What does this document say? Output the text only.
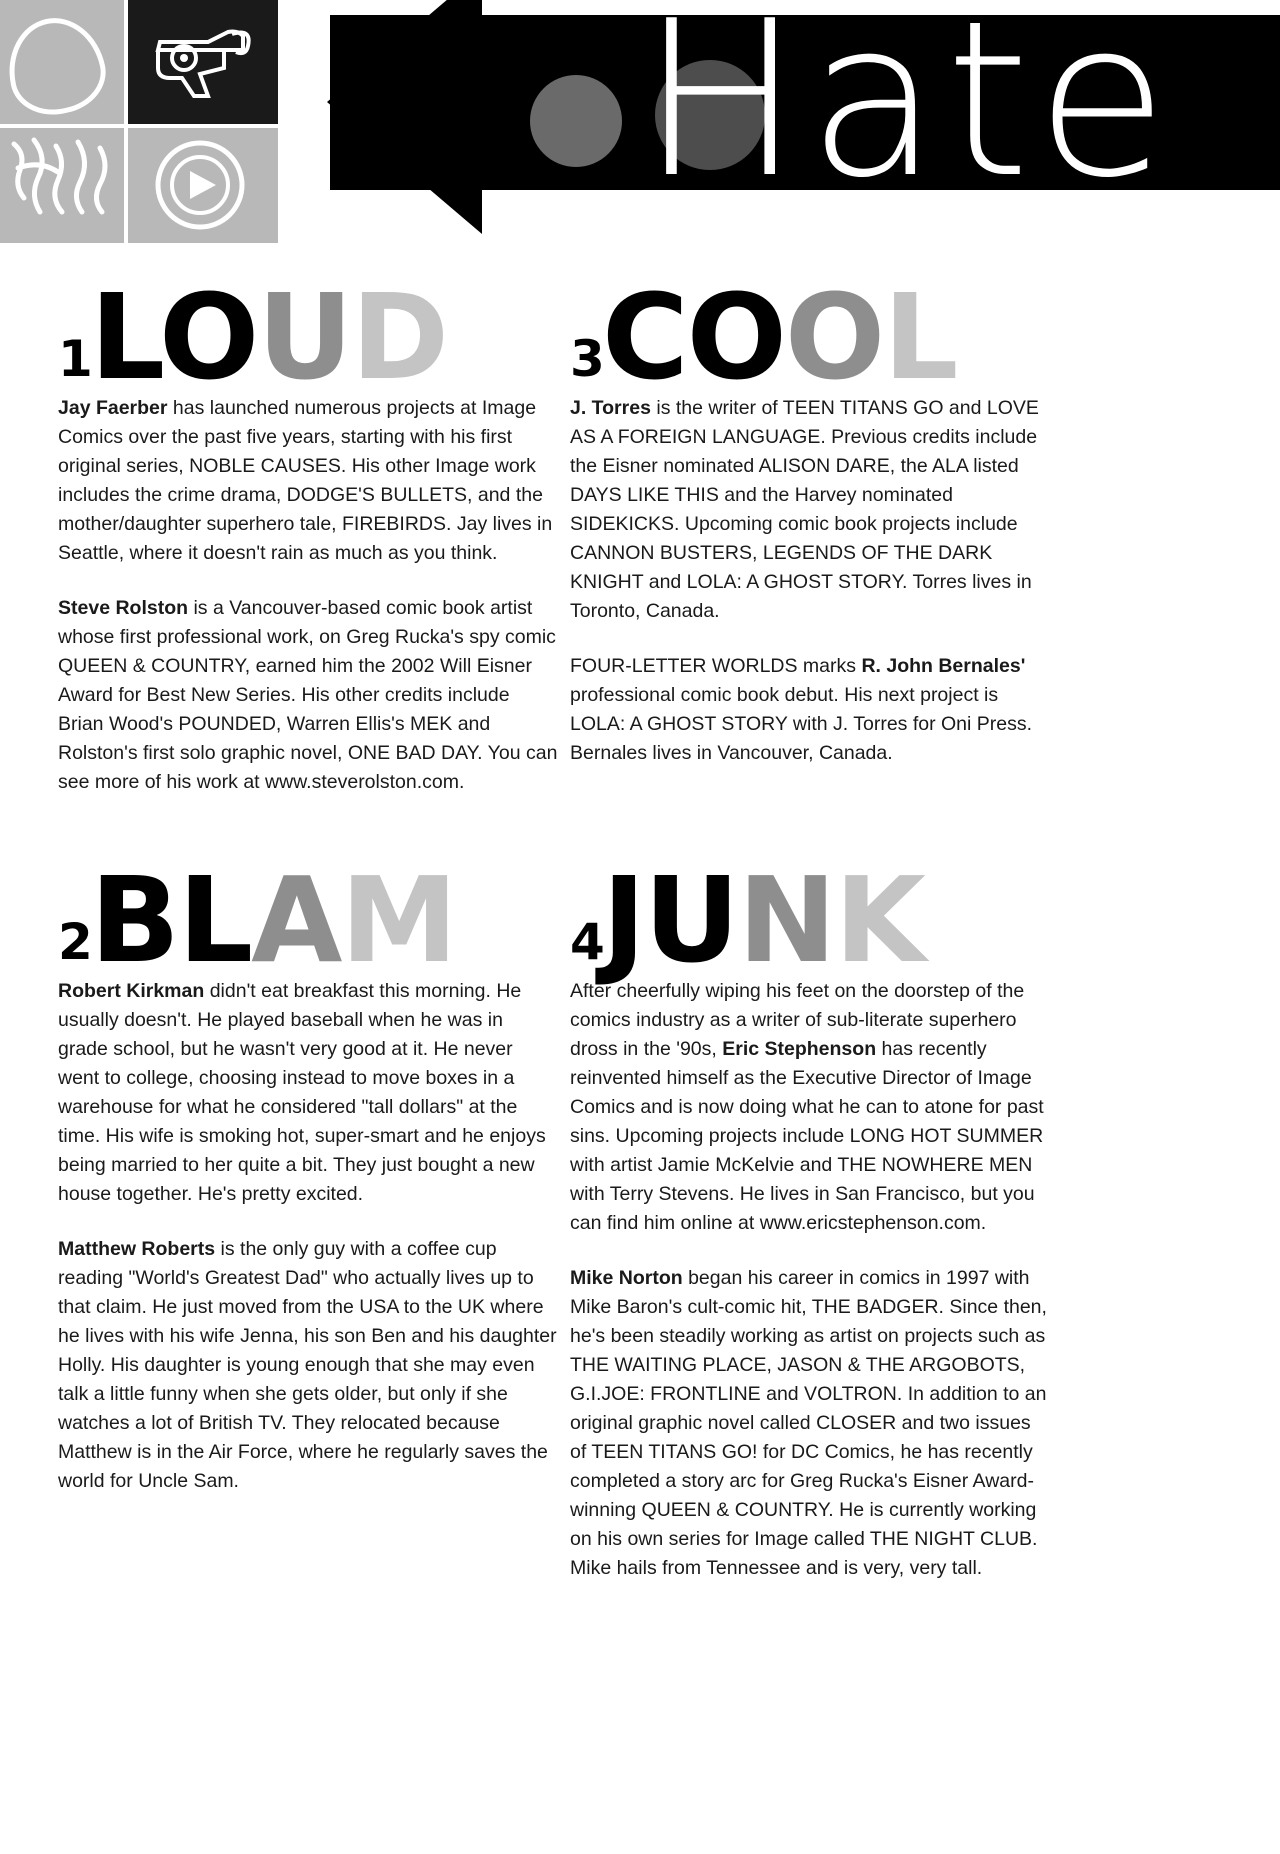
Hate
1
LOUD

Jay Faerber has launched numerous projects at Image Comics over the past five years, starting with his first original series, NOBLE CAUSES. His other Image work includes the crime drama, DODGE'S BULLETS, and the mother/daughter superhero tale, FIREBIRDS. Jay lives in Seattle, where it doesn't rain as much as you think.

Steve Rolston is a Vancouver-based comic book artist whose first professional work, on Greg Rucka's spy comic QUEEN & COUNTRY, earned him the 2002 Will Eisner Award for Best New Series. His other credits include Brian Wood's POUNDED, Warren Ellis's MEK and Rolston's first solo graphic novel, ONE BAD DAY. You can see more of his work at www.steverolston.com.

2
BLAM

Robert Kirkman didn't eat breakfast this morning. He usually doesn't. He played baseball when he was in grade school, but he wasn't very good at it. He never went to college, choosing instead to move boxes in a warehouse for what he considered "tall dollars" at the time. His wife is smoking hot, super-smart and he enjoys being married to her quite a bit. They just bought a new house together. He's pretty excited.

Matthew Roberts is the only guy with a coffee cup reading "World's Greatest Dad" who actually lives up to that claim. He just moved from the USA to the UK where he lives with his wife Jenna, his son Ben and his daughter Holly. His daughter is young enough that she may even talk a little funny when she gets older, but only if she watches a lot of British TV. They relocated because Matthew is in the Air Force, where he regularly saves the world for Uncle Sam.

3
COOL

J. Torres is the writer of TEEN TITANS GO and LOVE AS A FOREIGN LANGUAGE. Previous credits include the Eisner nominated ALISON DARE, the ALA listed DAYS LIKE THIS and the Harvey nominated SIDEKICKS. Upcoming comic book projects include CANNON BUSTERS, LEGENDS OF THE DARK KNIGHT and LOLA: A GHOST STORY. Torres lives in Toronto, Canada.

FOUR-LETTER WORLDS marks R. John Bernales' professional comic book debut. His next project is LOLA: A GHOST STORY with J. Torres for Oni Press. Bernales lives in Vancouver, Canada.

4
JUNK

After cheerfully wiping his feet on the doorstep of the comics industry as a writer of sub-literate superhero dross in the '90s, Eric Stephenson has recently reinvented himself as the Executive Director of Image Comics and is now doing what he can to atone for past sins. Upcoming projects include LONG HOT SUMMER with artist Jamie McKelvie and THE NOWHERE MEN with Terry Stevens. He lives in San Francisco, but you can find him online at www.ericstephenson.com.

Mike Norton began his career in comics in 1997 with Mike Baron's cult-comic hit, THE BADGER. Since then, he's been steadily working as artist on projects such as THE WAITING PLACE, JASON & THE ARGOBOTS, G.I.JOE: FRONTLINE and VOLTRON. In addition to an original graphic novel called CLOSER and two issues of TEEN TITANS GO! for DC Comics, he has recently completed a story arc for Greg Rucka's Eisner Award-winning QUEEN & COUNTRY. He is currently working on his own series for Image called THE NIGHT CLUB. Mike hails from Tennessee and is very, very tall.
